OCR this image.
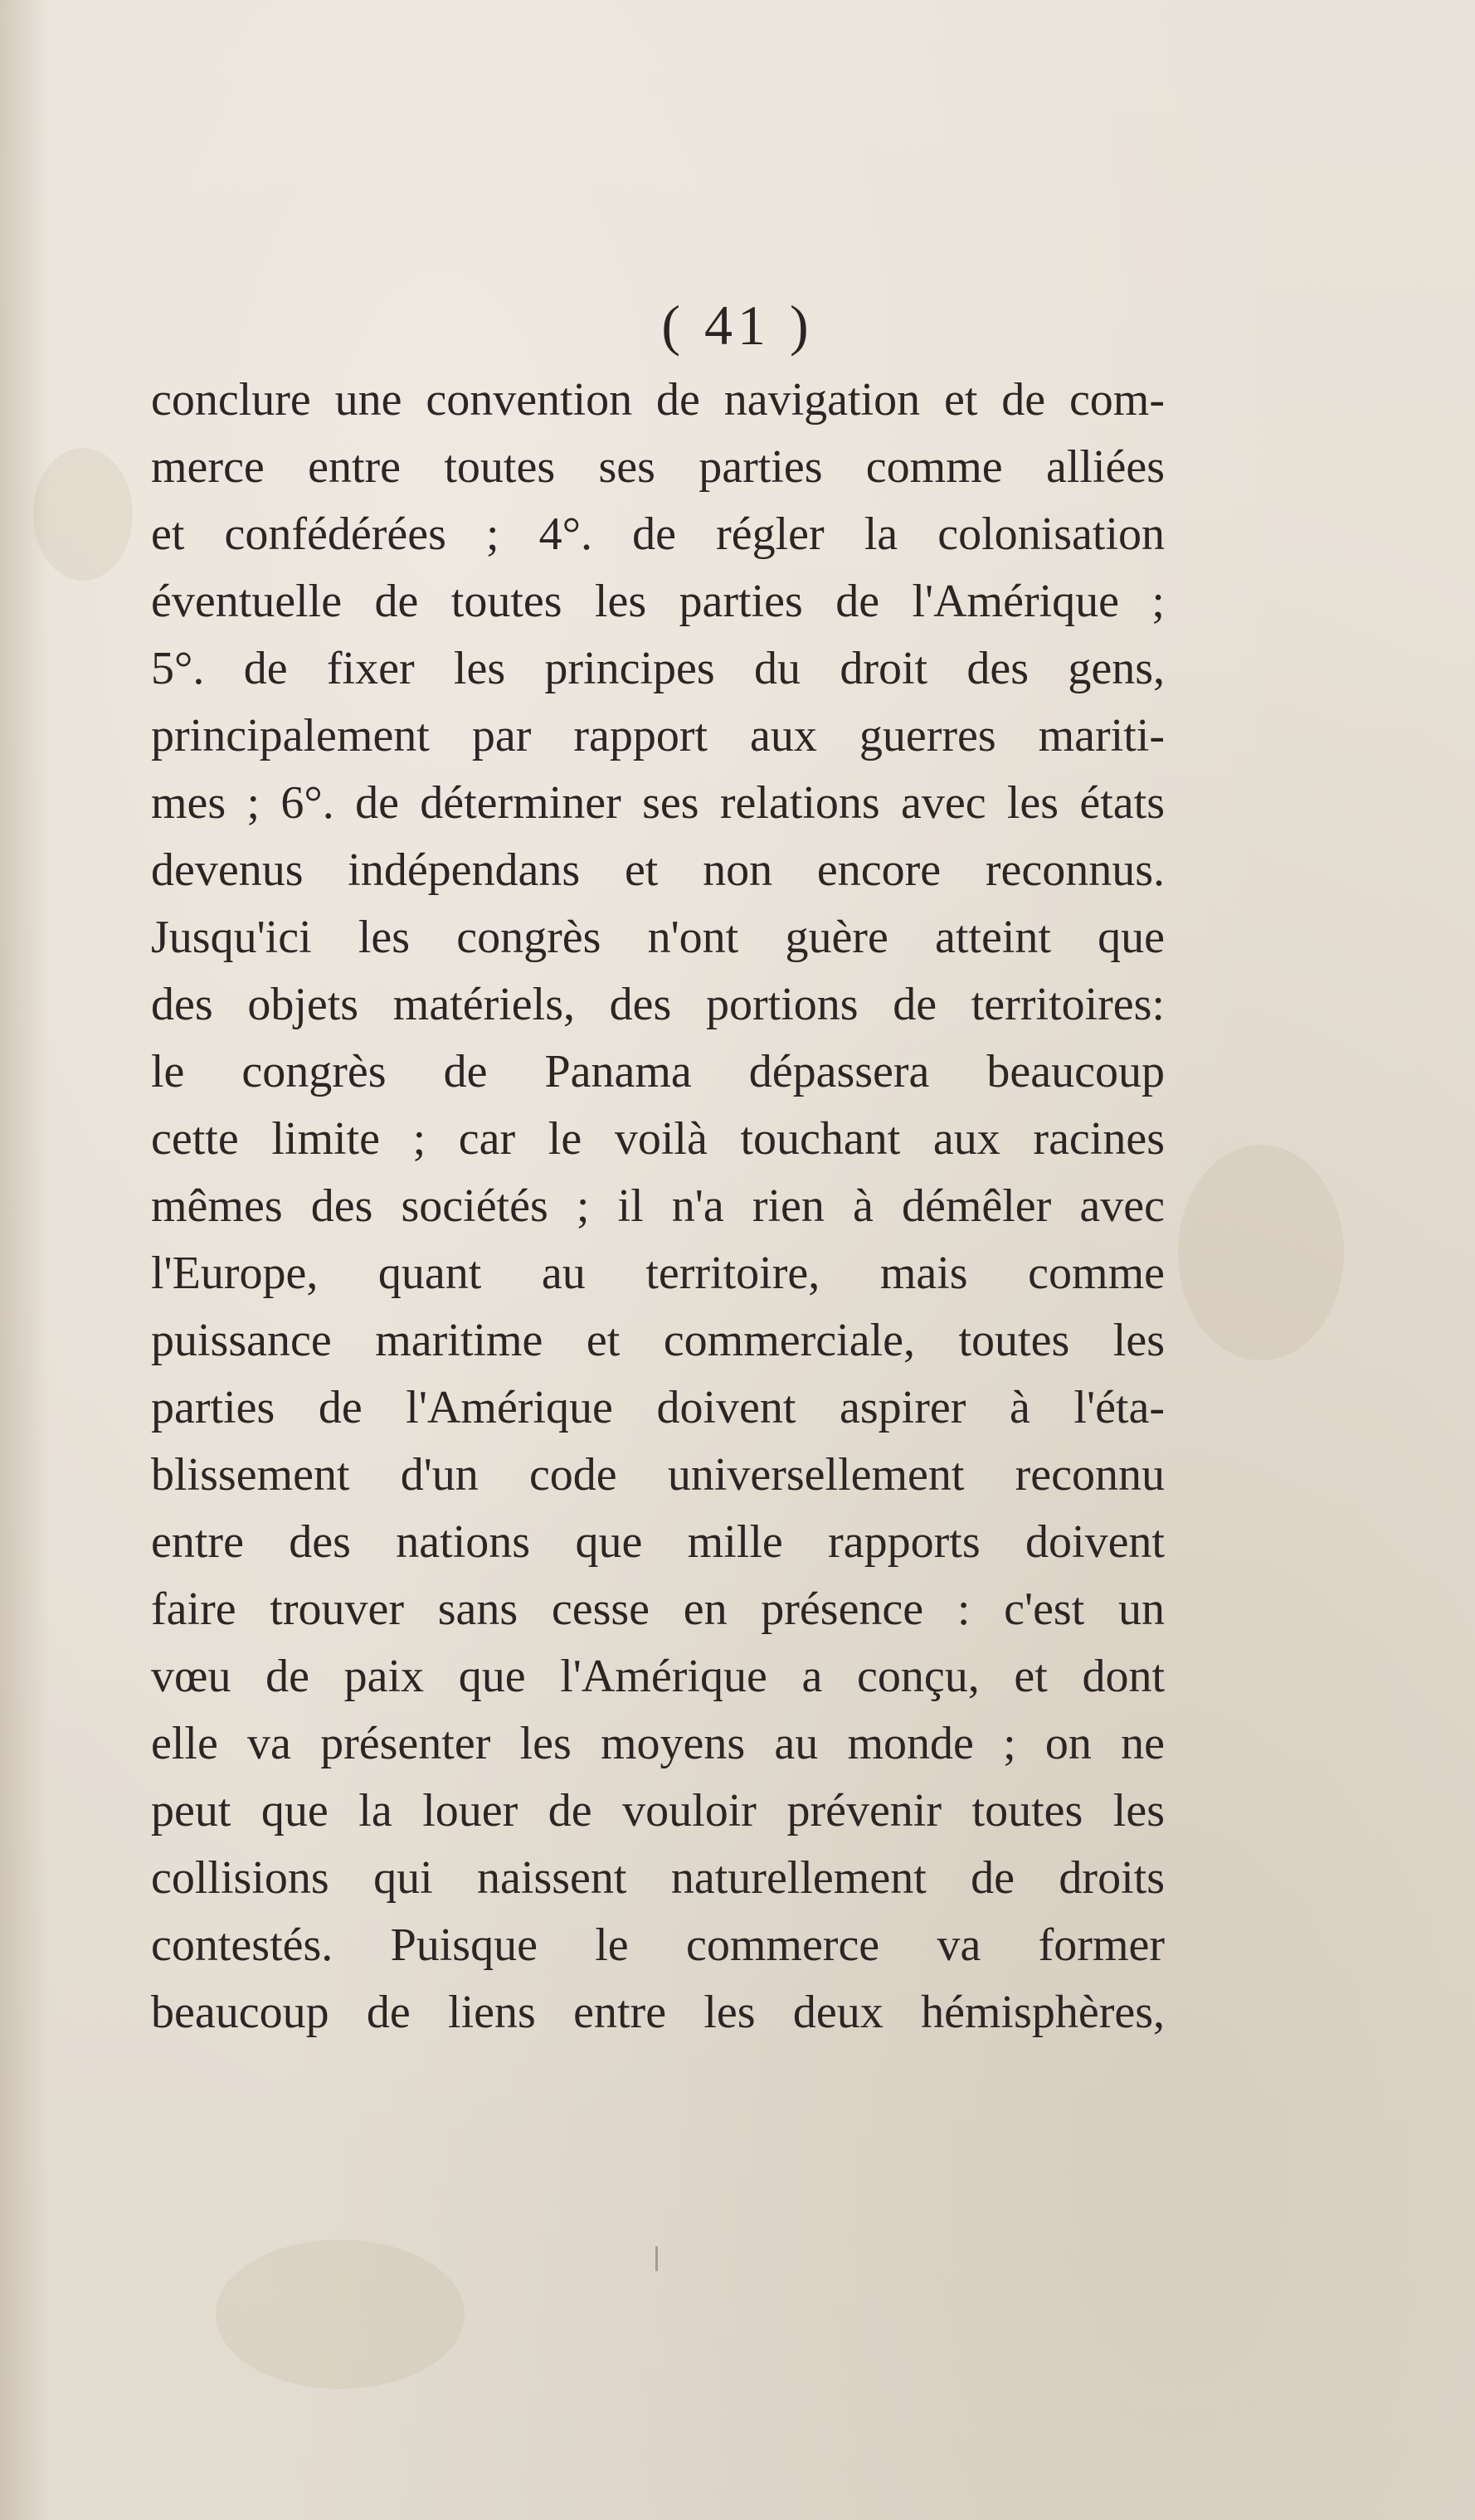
( 41 )
conclure une convention de navigation et de com-
merce entre toutes ses parties comme alliées
et confédérées ; 4°. de régler la colonisation
éventuelle de toutes les parties de l'Amérique ;
5°. de fixer les principes du droit des gens,
principalement par rapport aux guerres mariti-
mes ; 6°. de déterminer ses relations avec les états
devenus indépendans et non encore reconnus.
Jusqu'ici les congrès n'ont guère atteint que
des objets matériels, des portions de territoires:
le congrès de Panama dépassera beaucoup
cette limite ; car le voilà touchant aux racines
mêmes des sociétés ; il n'a rien à démêler avec
l'Europe, quant au territoire, mais comme
puissance maritime et commerciale, toutes les
parties de l'Amérique doivent aspirer à l'éta-
blissement d'un code universellement reconnu
entre des nations que mille rapports doivent
faire trouver sans cesse en présence : c'est un
vœu de paix que l'Amérique a conçu, et dont
elle va présenter les moyens au monde ; on ne
peut que la louer de vouloir prévenir toutes les
collisions qui naissent naturellement de droits
contestés. Puisque le commerce va former
beaucoup de liens entre les deux hémisphères,
